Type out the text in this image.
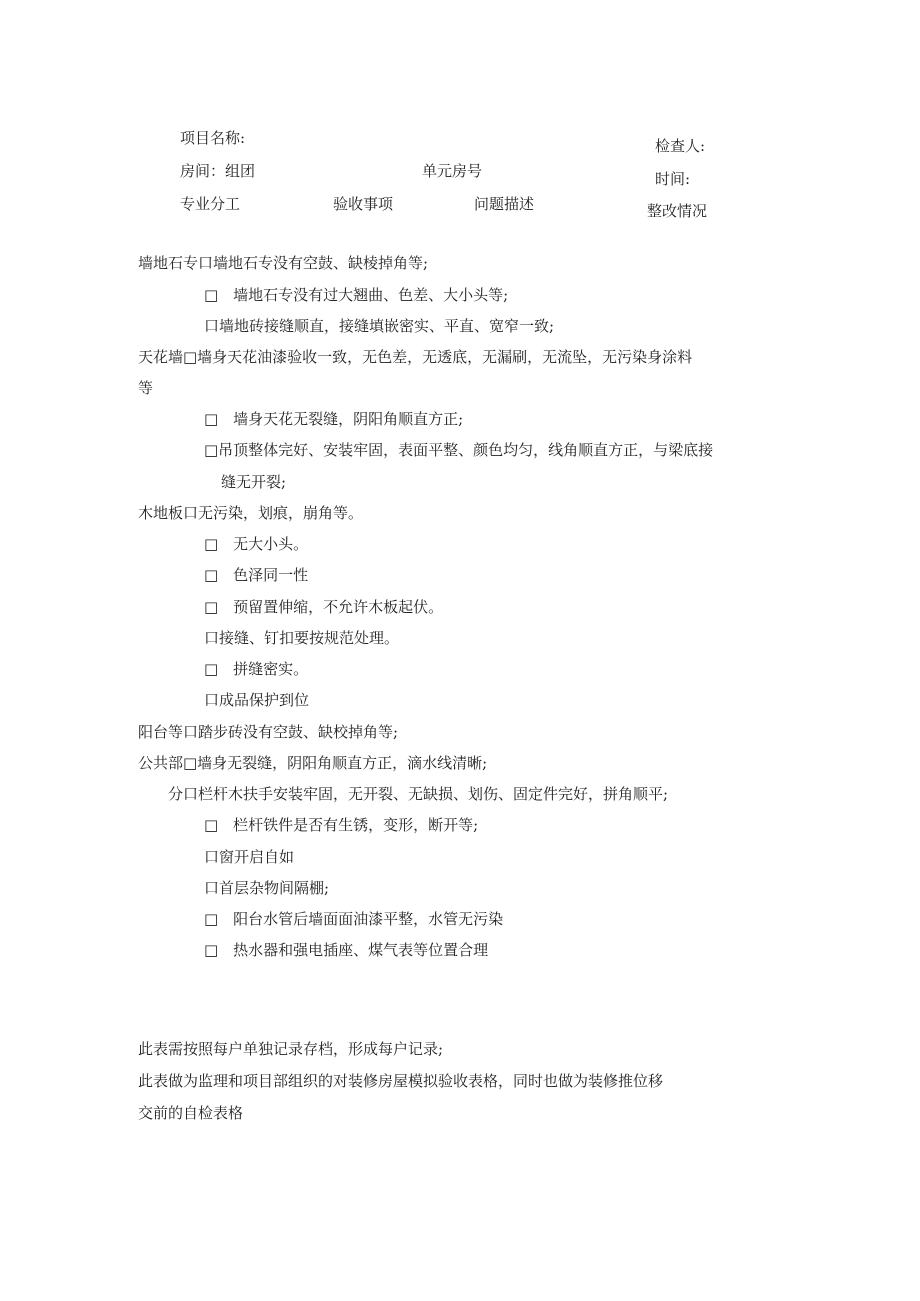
项目名称:	检查人:
房间：组团	单元房号	时间:
专业分工	验收事项	问题描述	整改情况
墙地石专口墙地石专没有空鼓、缺棱掉角等;
□　墙地石专没有过大翘曲、色差、大小头等;
口墙地砖接缝顺直，接缝填嵌密实、平直、宽窄一致;
天花墙□墙身天花油漆验收一致，无色差，无透底，无漏刷，无流坠，无污染身涂料
等
□　墙身天花无裂缝，阴阳角顺直方正;
□吊顶整体完好、安装牢固，表面平整、颜色均匀，线角顺直方正，与梁底接
缝无开裂;
木地板口无污染，划痕，崩角等。
□　无大小头。
□　色泽同一性
□　预留置伸缩，不允许木板起伏。
口接缝、钉扣要按规范处理。
□　拼缝密实。
口成品保护到位
阳台等口踏步砖没有空鼓、缺校掉角等;
公共部□墙身无裂缝，阴阳角顺直方正，滴水线清晰;
分口栏杆木扶手安装牢固，无开裂、无缺损、划伤、固定件完好，拼角顺平;
□　栏杆铁件是否有生锈，变形，断开等;
口窗开启自如
口首层杂物间隔棚;
□　阳台水管后墙面面油漆平整，水管无污染
□　热水器和强电插座、煤气表等位置合理
此表需按照每户单独记录存档，形成每户记录;
此表做为监理和项目部组织的对装修房屋模拟验收表格，同时也做为装修推位移
交前的自检表格
